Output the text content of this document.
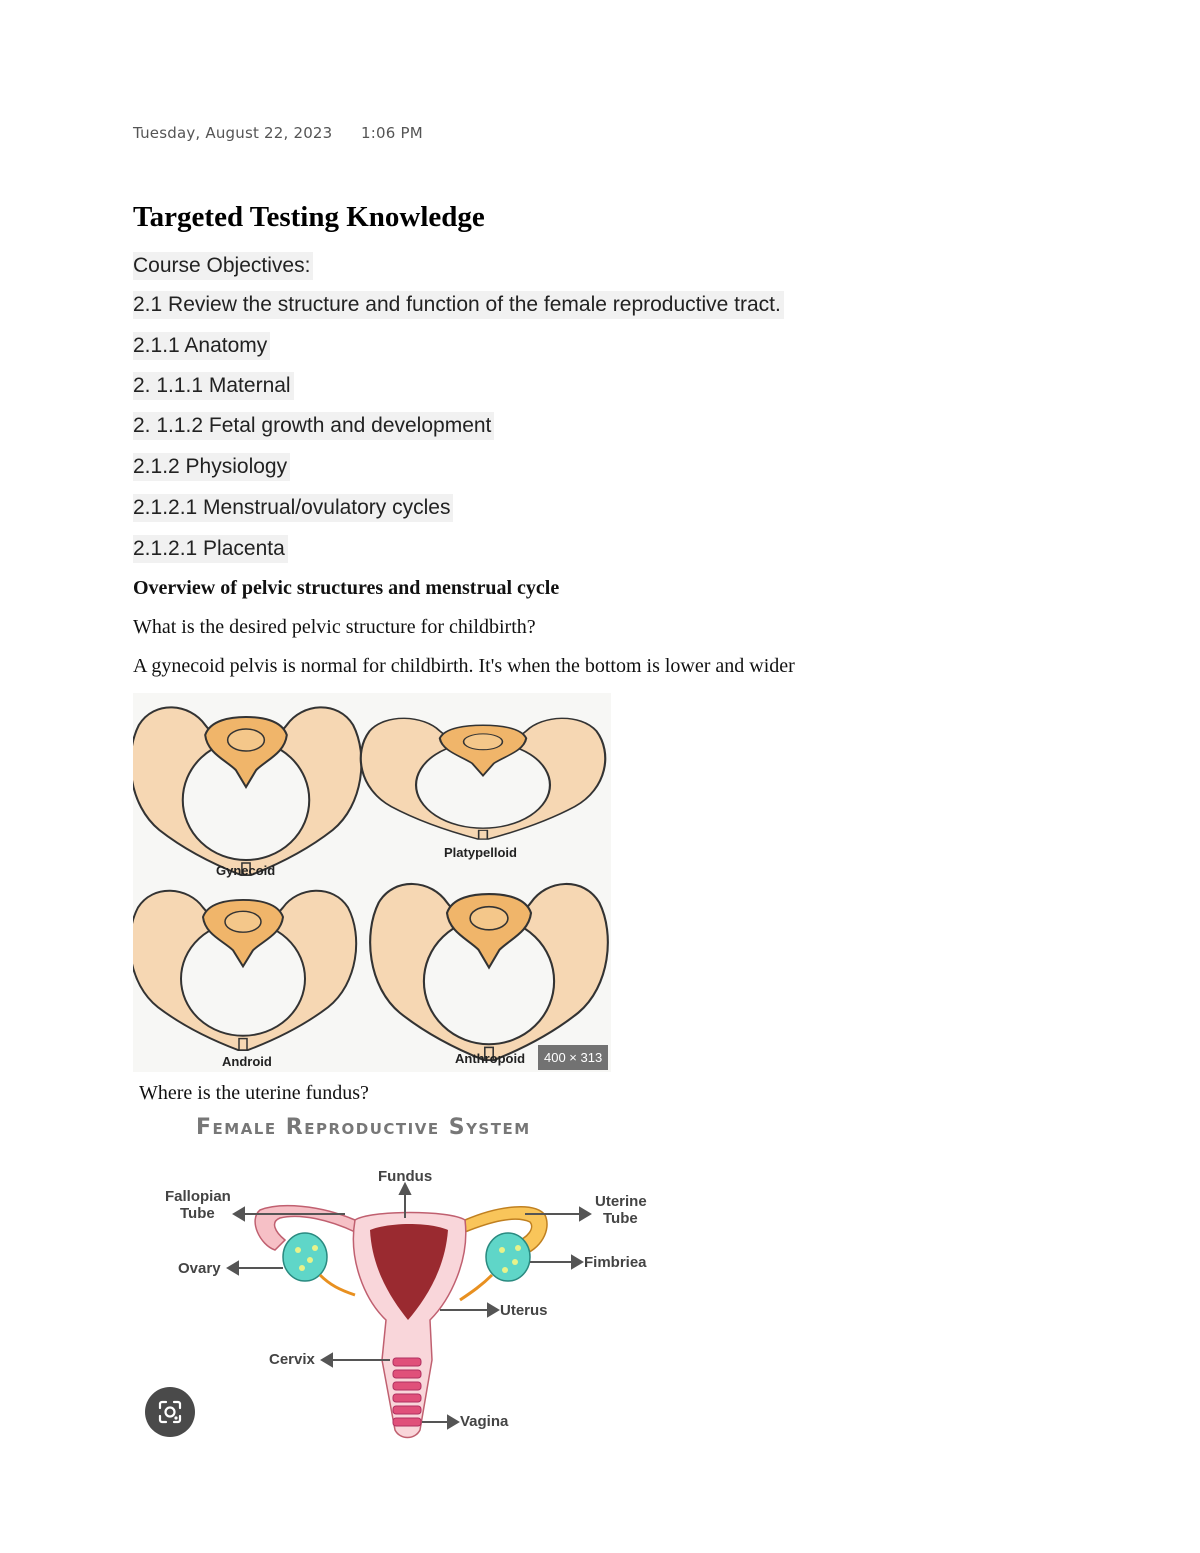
Tuesday, August 22, 2023 1:06 PM
Targeted Testing Knowledge
Course Objectives:
2.1 Review the structure and function of the female reproductive tract.
2.1.1 Anatomy
2. 1.1.1 Maternal
2. 1.1.2 Fetal growth and development
2.1.2 Physiology
2.1.2.1 Menstrual/ovulatory cycles
2.1.2.1 Placenta
Overview of pelvic structures and menstrual cycle
What is the desired pelvic structure for childbirth?
A gynecoid pelvis is normal for childbirth. It's when the bottom is lower and wider
Gynecoid
Platypelloid
Android	Anthropoid	400 × 313
Where is the uterine fundus?
Female Reproductive System
Fundus
Fallopian
Tube
Uterine
Tube
Ovary	Fimbriea
Uterus
Cervix
Vagina
